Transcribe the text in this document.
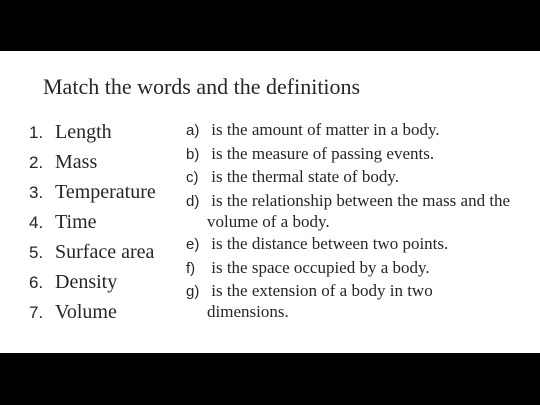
Match the words and the definitions
1. Length
2. Mass
3. Temperature
4. Time
5. Surface area
6. Density
7. Volume
a) is the amount of matter in a body.
b) is the measure of passing events.
c) is the thermal state of body.
d) is the relationship between the mass and the volume of a body.
e) is the distance between two points.
f) is the space occupied by a body.
g) is the extension of a body in two dimensions.
